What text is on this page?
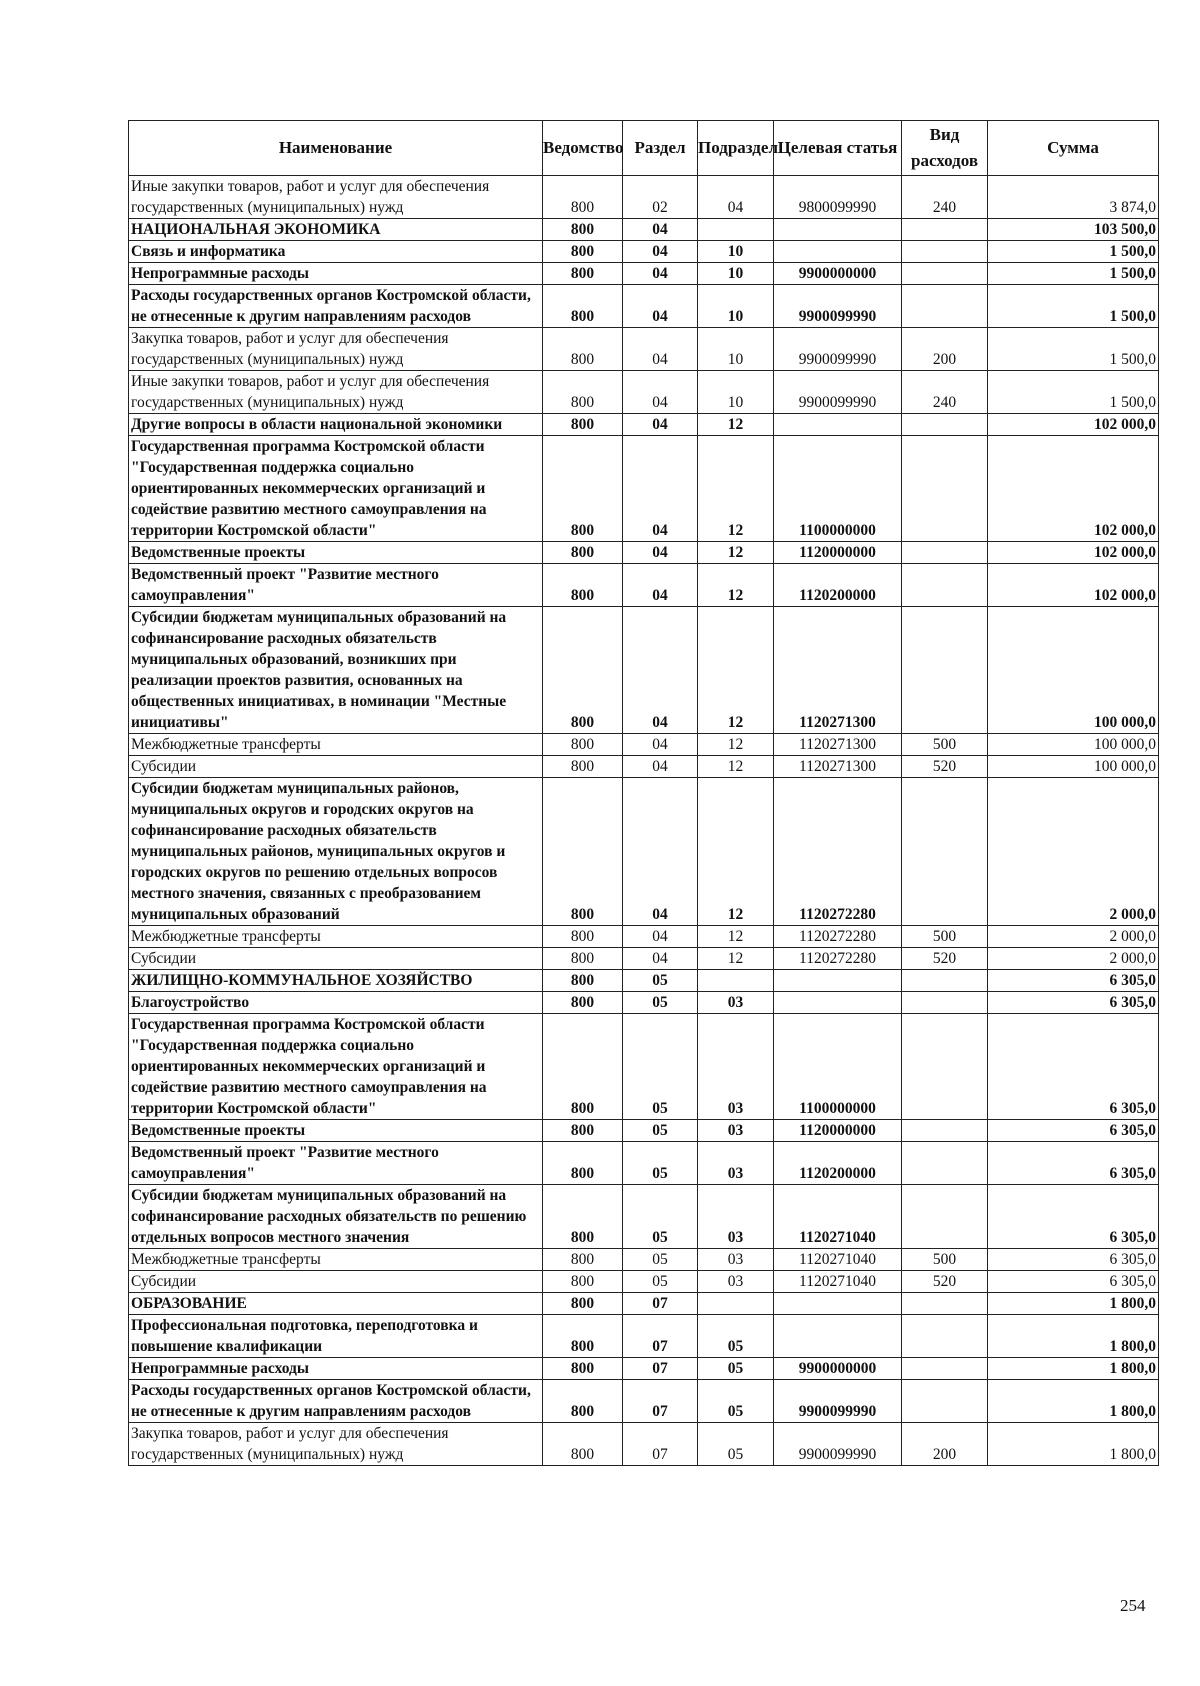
Наименование	Ведомство	Раздел	Подраздел	Целевая статья	Вид расходов	Сумма
Иные закупки товаров, работ и услуг для обеспечения государственных (муниципальных) нужд	800	02	04	9800099990	240	3 874,0
НАЦИОНАЛЬНАЯ ЭКОНОМИКА	800	04				103 500,0
Связь и информатика	800	04	10			1 500,0
Непрограммные расходы	800	04	10	9900000000		1 500,0
Расходы государственных органов Костромской области, не отнесенные к другим направлениям расходов	800	04	10	9900099990		1 500,0
Закупка товаров, работ и услуг для обеспечения государственных (муниципальных) нужд	800	04	10	9900099990	200	1 500,0
Иные закупки товаров, работ и услуг для обеспечения государственных (муниципальных) нужд	800	04	10	9900099990	240	1 500,0
Другие вопросы в области национальной экономики	800	04	12			102 000,0
Государственная программа Костромской области "Государственная поддержка социально ориентированных некоммерческих организаций и содействие развитию местного самоуправления на территории Костромской области"	800	04	12	1100000000		102 000,0
Ведомственные проекты	800	04	12	1120000000		102 000,0
Ведомственный проект "Развитие местного самоуправления"	800	04	12	1120200000		102 000,0
Субсидии бюджетам муниципальных образований на софинансирование расходных обязательств муниципальных образований, возникших при реализации проектов развития, основанных на общественных инициативах, в номинации "Местные инициативы"	800	04	12	1120271300		100 000,0
Межбюджетные трансферты	800	04	12	1120271300	500	100 000,0
Субсидии	800	04	12	1120271300	520	100 000,0
Субсидии бюджетам муниципальных районов, муниципальных округов и городских округов на софинансирование расходных обязательств муниципальных районов, муниципальных округов и городских округов по решению отдельных вопросов местного значения, связанных с преобразованием муниципальных образований	800	04	12	1120272280		2 000,0
Межбюджетные трансферты	800	04	12	1120272280	500	2 000,0
Субсидии	800	04	12	1120272280	520	2 000,0
ЖИЛИЩНО-КОММУНАЛЬНОЕ ХОЗЯЙСТВО	800	05				6 305,0
Благоустройство	800	05	03			6 305,0
Государственная программа Костромской области "Государственная поддержка социально ориентированных некоммерческих организаций и содействие развитию местного самоуправления на территории Костромской области"	800	05	03	1100000000		6 305,0
Ведомственные проекты	800	05	03	1120000000		6 305,0
Ведомственный проект "Развитие местного самоуправления"	800	05	03	1120200000		6 305,0
Субсидии бюджетам муниципальных образований на софинансирование расходных обязательств по решению отдельных вопросов местного значения	800	05	03	1120271040		6 305,0
Межбюджетные трансферты	800	05	03	1120271040	500	6 305,0
Субсидии	800	05	03	1120271040	520	6 305,0
ОБРАЗОВАНИЕ	800	07				1 800,0
Профессиональная подготовка, переподготовка и повышение квалификации	800	07	05			1 800,0
Непрограммные расходы	800	07	05	9900000000		1 800,0
Расходы государственных органов Костромской области, не отнесенные к другим направлениям расходов	800	07	05	9900099990		1 800,0
Закупка товаров, работ и услуг для обеспечения государственных (муниципальных) нужд	800	07	05	9900099990	200	1 800,0
254
